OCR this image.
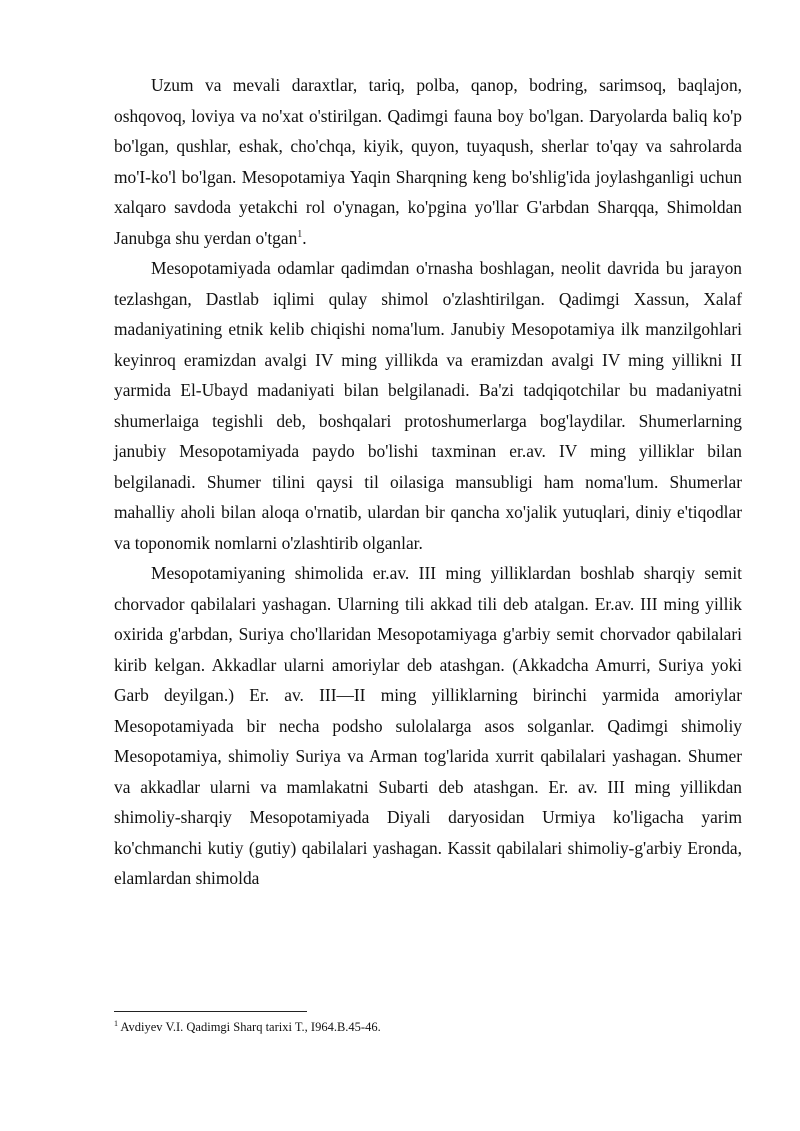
Uzum va mevali daraxtlar, tariq, polba, qanop, bodring, sarimsoq, baqlajon, oshqovoq, loviya va no'xat o'stirilgan. Qadimgi fauna boy bo'lgan. Daryolarda baliq ko'p bo'lgan, qushlar, eshak, cho'chqa, kiyik, quyon, tuyaqush, sherlar to'qay va sahrolarda mo'I-ko'l bo'lgan. Mesopotamiya Yaqin Sharqning keng bo'shlig'ida joylashganligi uchun xalqaro savdoda yetakchi rol o'ynagan, ko'pgina yo'llar G'arbdan Sharqqa, Shimoldan Janubga shu yerdan o'tgan$^1$.

Mesopotamiyada odamlar qadimdan o'rnasha boshlagan, neolit davrida bu jarayon tezlashgan, Dastlab iqlimi qulay shimol o'zlashtirilgan. Qadimgi Xassun, Xalaf madaniyatining etnik kelib chiqishi noma'lum. Janubiy Mesopotamiya ilk manzilgohlari keyinroq eramizdan avalgi IV ming yillikda va eramizdan avalgi IV ming yillikni II yarmida El-Ubayd madaniyati bilan belgilanadi. Ba'zi tadqiqotchilar bu madaniyatni shumerlaiga tegishli deb, boshqalari protoshumerlarga bog'laydilar. Shumerlarning janubiy Mesopotamiyada paydo bo'lishi taxminan er.av. IV ming yilliklar bilan belgilanadi. Shumer tilini qaysi til oilasiga mansubligi ham noma'lum. Shumerlar mahalliy aholi bilan aloqa o'rnatib, ulardan bir qancha xo'jalik yutuqlari, diniy e'tiqodlar va toponomik nomlarni o'zlashtirib olganlar.

Mesopotamiyaning shimolida er.av. III ming yilliklardan boshlab sharqiy semit chorvador qabilalari yashagan. Ularning tili akkad tili deb atalgan. Er.av. III ming yillik oxirida g'arbdan, Suriya cho'llaridan Mesopotamiyaga g'arbiy semit chorvador qabilalari kirib kelgan. Akkadlar ularni amoriylar deb atashgan. (Akkadcha Amurri, Suriya yoki Garb deyilgan.) Er. av. III—II ming yilliklarning birinchi yarmida amoriylar Mesopotamiyada bir necha podsho sulolalarga asos solganlar. Qadimgi shimoliy Mesopotamiya, shimoliy Suriya va Arman tog'larida xurrit qabilalari yashagan. Shumer va akkadlar ularni va mamlakatni Subarti deb atashgan. Er. av. III ming yillikdan shimoliy-sharqiy Mesopotamiyada Diyali daryosidan Urmiya ko'ligacha yarim ko'chmanchi kutiy (gutiy) qabilalari yashagan. Kassit qabilalari shimoliy-g'arbiy Eronda, elamlardan shimolda

$^1$ Avdiyev V.I. Qadimgi Sharq tarixi T., I964.B.45-46.
